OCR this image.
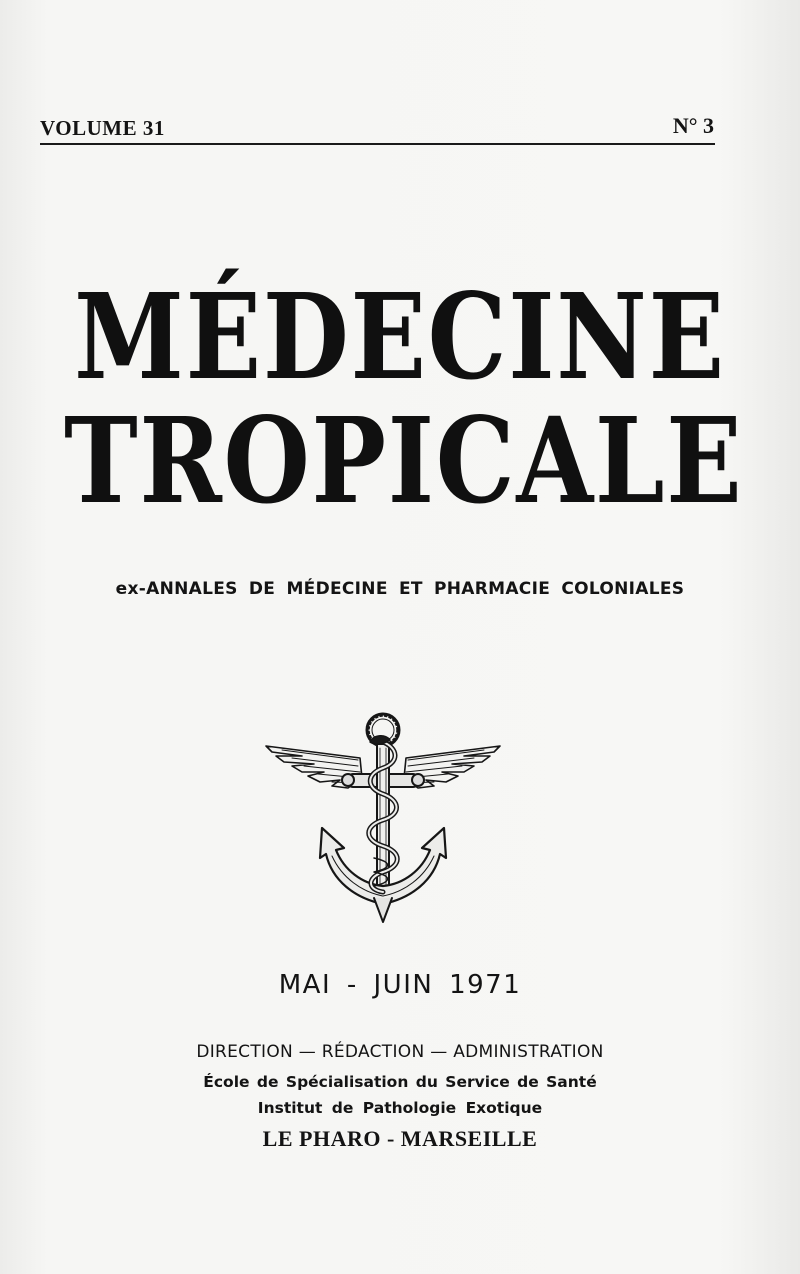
VOLUME 31	N° 3
MÉDECINE
TROPICALE
ex-ANNALES DE MÉDECINE ET PHARMACIE COLONIALES
MAI - JUIN 1971
DIRECTION — RÉDACTION — ADMINISTRATION
École de Spécialisation du Service de Santé
Institut de Pathologie Exotique
LE PHARO - MARSEILLE
